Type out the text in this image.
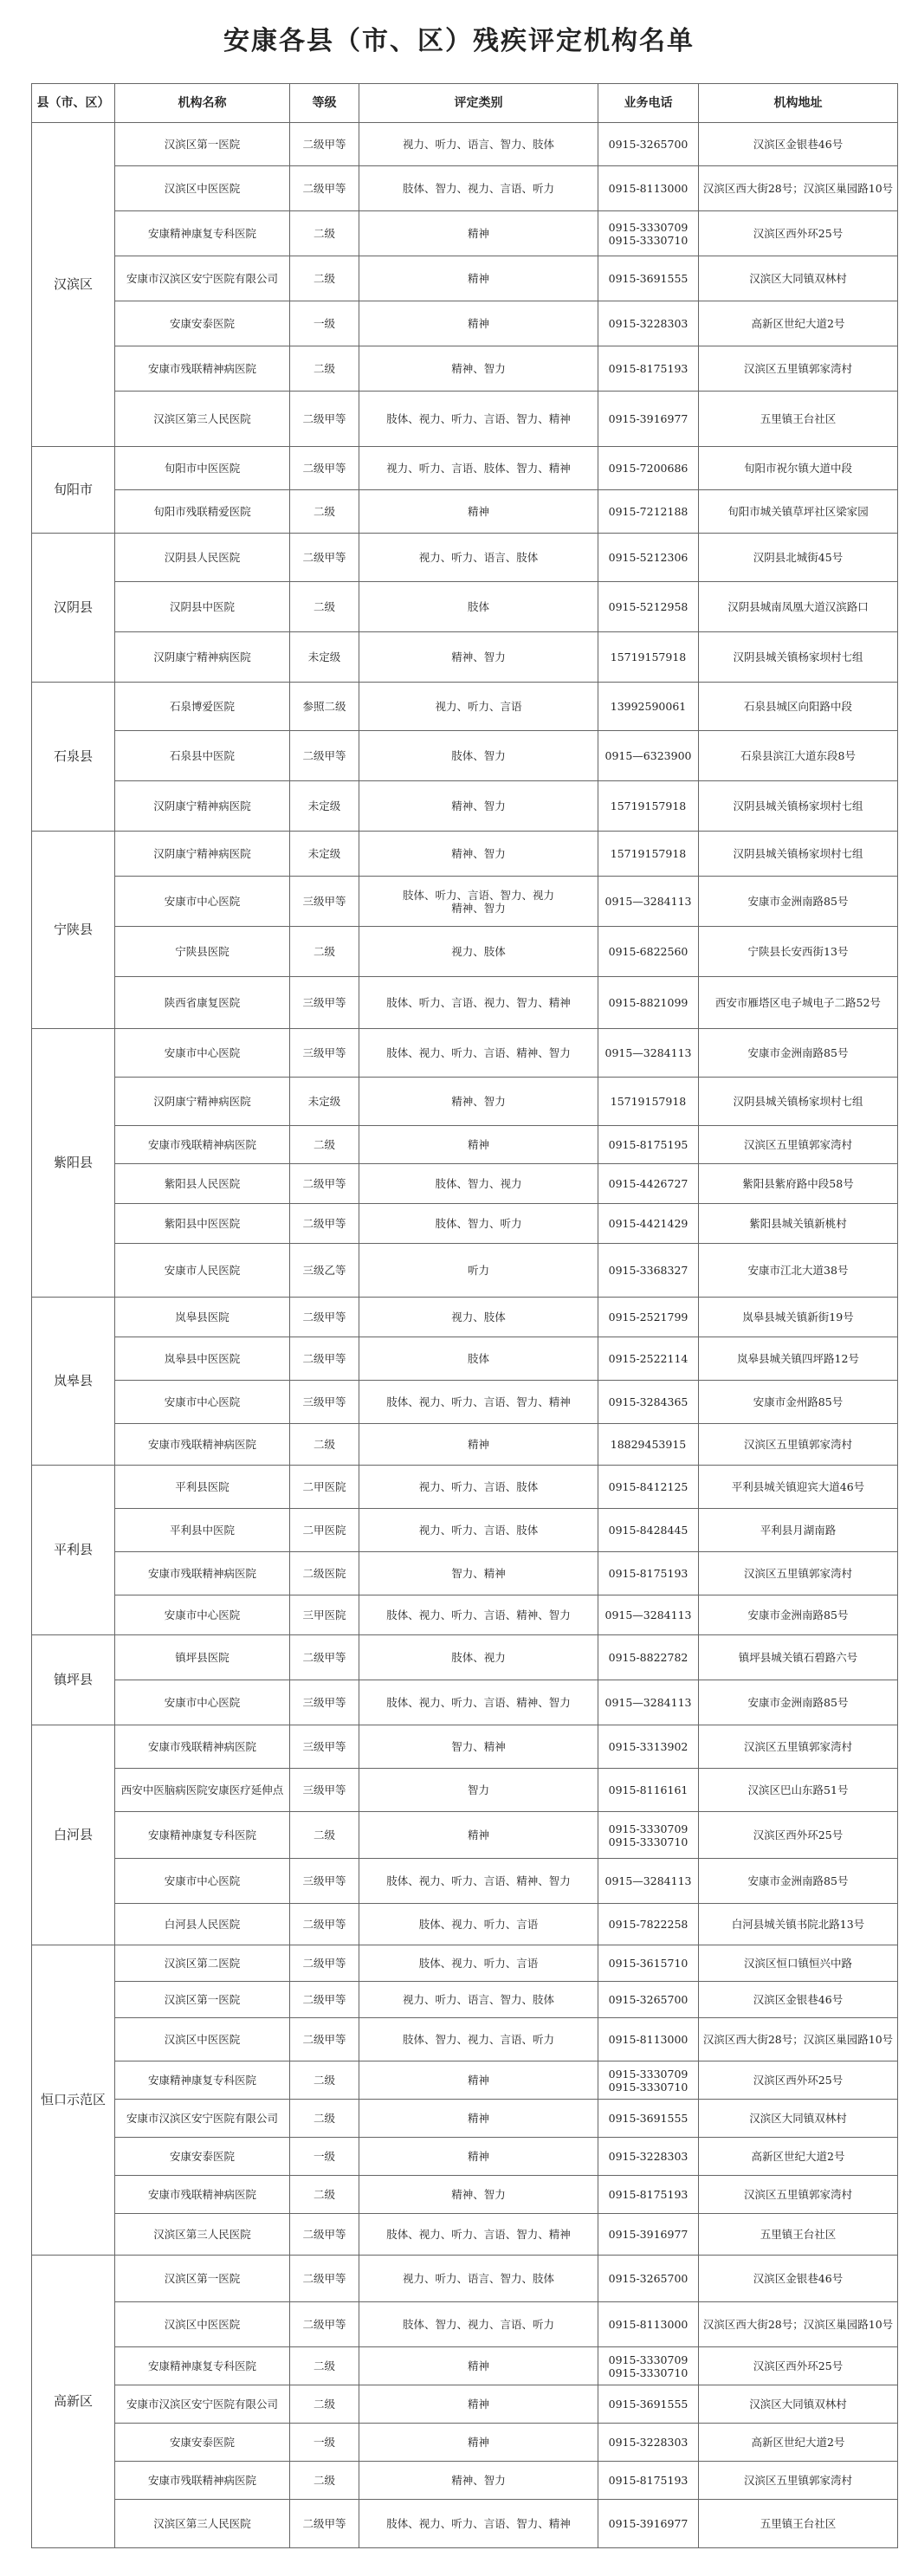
安康各县（市、区）残疾评定机构名单
县（市、区）	机构名称	等级	评定类别	业务电话	机构地址
汉滨区	汉滨区第一医院	二级甲等	视力、听力、语言、智力、肢体	0915-3265700	汉滨区金银巷46号
	汉滨区中医医院	二级甲等	肢体、智力、视力、言语、听力	0915-8113000	汉滨区西大街28号；汉滨区巢园路10号
	安康精神康复专科医院	二级	精神	0915-3330709
0915-3330710	汉滨区西外环25号
	安康市汉滨区安宁医院有限公司	二级	精神	0915-3691555	汉滨区大同镇双林村
	安康安泰医院	一级	精神	0915-3228303	高新区世纪大道2号
	安康市残联精神病医院	二级	精神、智力	0915-8175193	汉滨区五里镇郭家湾村
	汉滨区第三人民医院	二级甲等	肢体、视力、听力、言语、智力、精神	0915-3916977	五里镇王台社区
旬阳市	旬阳市中医医院	二级甲等	视力、听力、言语、肢体、智力、精神	0915-7200686	旬阳市祝尔镇大道中段
	旬阳市残联精爱医院	二级	精神	0915-7212188	旬阳市城关镇草坪社区梁家园
汉阴县	汉阴县人民医院	二级甲等	视力、听力、语言、肢体	0915-5212306	汉阴县北城街45号
	汉阴县中医院	二级	肢体	0915-5212958	汉阴县城南凤凰大道汉滨路口
	汉阴康宁精神病医院	未定级	精神、智力	15719157918	汉阴县城关镇杨家坝村七组
石泉县	石泉博爱医院	参照二级	视力、听力、言语	13992590061	石泉县城区向阳路中段
	石泉县中医院	二级甲等	肢体、智力	0915—6323900	石泉县滨江大道东段8号
	汉阴康宁精神病医院	未定级	精神、智力	15719157918	汉阴县城关镇杨家坝村七组
宁陕县	汉阴康宁精神病医院	未定级	精神、智力	15719157918	汉阴县城关镇杨家坝村七组
	安康市中心医院	三级甲等	肢体、听力、言语、智力、视力
精神、智力	0915—3284113	安康市金洲南路85号
	宁陕县医院	二级	视力、肢体	0915-6822560	宁陕县长安西街13号
	陕西省康复医院	三级甲等	肢体、听力、言语、视力、智力、精神	0915-8821099	西安市雁塔区电子城电子二路52号
紫阳县	安康市中心医院	三级甲等	肢体、视力、听力、言语、精神、智力	0915—3284113	安康市金洲南路85号
	汉阴康宁精神病医院	未定级	精神、智力	15719157918	汉阴县城关镇杨家坝村七组
	安康市残联精神病医院	二级	精神	0915-8175195	汉滨区五里镇郭家湾村
	紫阳县人民医院	二级甲等	肢体、智力、视力	0915-4426727	紫阳县紫府路中段58号
	紫阳县中医医院	二级甲等	肢体、智力、听力	0915-4421429	紫阳县城关镇新桃村
	安康市人民医院	三级乙等	听力	0915-3368327	安康市江北大道38号
岚皋县	岚皋县医院	二级甲等	视力、肢体	0915-2521799	岚皋县城关镇新街19号
	岚皋县中医医院	二级甲等	肢体	0915-2522114	岚皋县城关镇四坪路12号
	安康市中心医院	三级甲等	肢体、视力、听力、言语、智力、精神	0915-3284365	安康市金州路85号
	安康市残联精神病医院	二级	精神	18829453915	汉滨区五里镇郭家湾村
平利县	平利县医院	二甲医院	视力、听力、言语、肢体	0915-8412125	平利县城关镇迎宾大道46号
	平利县中医院	二甲医院	视力、听力、言语、肢体	0915-8428445	平利县月湖南路
	安康市残联精神病医院	二级医院	智力、精神	0915-8175193	汉滨区五里镇郭家湾村
	安康市中心医院	三甲医院	肢体、视力、听力、言语、精神、智力	0915—3284113	安康市金洲南路85号
镇坪县	镇坪县医院	二级甲等	肢体、视力	0915-8822782	镇坪县城关镇石碧路六号
	安康市中心医院	三级甲等	肢体、视力、听力、言语、精神、智力	0915—3284113	安康市金洲南路85号
白河县	安康市残联精神病医院	三级甲等	智力、精神	0915-3313902	汉滨区五里镇郭家湾村
	西安中医脑病医院安康医疗延伸点	三级甲等	智力	0915-8116161	汉滨区巴山东路51号
	安康精神康复专科医院	二级	精神	0915-3330709
0915-3330710	汉滨区西外环25号
	安康市中心医院	三级甲等	肢体、视力、听力、言语、精神、智力	0915—3284113	安康市金洲南路85号
	白河县人民医院	二级甲等	肢体、视力、听力、言语	0915-7822258	白河县城关镇书院北路13号
恒口示范区	汉滨区第二医院	二级甲等	肢体、视力、听力、言语	0915-3615710	汉滨区恒口镇恒兴中路
	汉滨区第一医院	二级甲等	视力、听力、语言、智力、肢体	0915-3265700	汉滨区金银巷46号
	汉滨区中医医院	二级甲等	肢体、智力、视力、言语、听力	0915-8113000	汉滨区西大街28号；汉滨区巢园路10号
	安康精神康复专科医院	二级	精神	0915-3330709
0915-3330710	汉滨区西外环25号
	安康市汉滨区安宁医院有限公司	二级	精神	0915-3691555	汉滨区大同镇双林村
	安康安泰医院	一级	精神	0915-3228303	高新区世纪大道2号
	安康市残联精神病医院	二级	精神、智力	0915-8175193	汉滨区五里镇郭家湾村
	汉滨区第三人民医院	二级甲等	肢体、视力、听力、言语、智力、精神	0915-3916977	五里镇王台社区
高新区	汉滨区第一医院	二级甲等	视力、听力、语言、智力、肢体	0915-3265700	汉滨区金银巷46号
	汉滨区中医医院	二级甲等	肢体、智力、视力、言语、听力	0915-8113000	汉滨区西大街28号；汉滨区巢园路10号
	安康精神康复专科医院	二级	精神	0915-3330709
0915-3330710	汉滨区西外环25号
	安康市汉滨区安宁医院有限公司	二级	精神	0915-3691555	汉滨区大同镇双林村
	安康安泰医院	一级	精神	0915-3228303	高新区世纪大道2号
	安康市残联精神病医院	二级	精神、智力	0915-8175193	汉滨区五里镇郭家湾村
	汉滨区第三人民医院	二级甲等	肢体、视力、听力、言语、智力、精神	0915-3916977	五里镇王台社区
